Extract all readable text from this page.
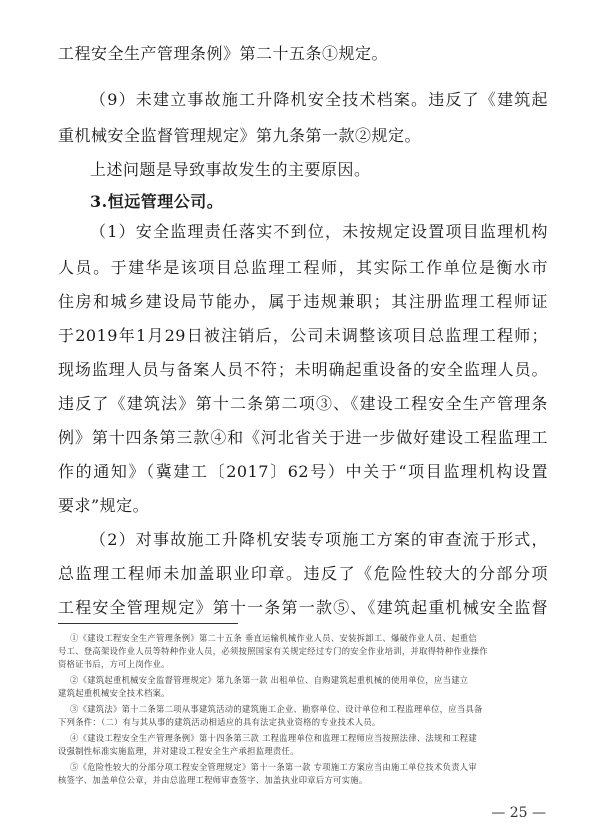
工程安全生产管理条例》第二十五条①规定。
（9）未建立事故施工升降机安全技术档案。违反了《建筑起
重机械安全监督管理规定》第九条第一款②规定。
上述问题是导致事故发生的主要原因。
3.恒远管理公司。
（1）安全监理责任落实不到位，未按规定设置项目监理机构
人员。于建华是该项目总监理工程师，其实际工作单位是衡水市
住房和城乡建设局节能办，属于违规兼职；其注册监理工程师证
于2019年1月29日被注销后，公司未调整该项目总监理工程师；
现场监理人员与备案人员不符；未明确起重设备的安全监理人员。
违反了《建筑法》第十二条第二项③、《建设工程安全生产管理条
例》第十四条第三款④和《河北省关于进一步做好建设工程监理工
作的通知》（冀建工〔2017〕62号）中关于“项目监理机构设置
要求”规定。
（2）对事故施工升降机安装专项施工方案的审查流于形式，
总监理工程师未加盖职业印章。违反了《危险性较大的分部分项
工程安全管理规定》第十一条第一款⑤、《建筑起重机械安全监督
①《建设工程安全生产管理条例》第二十五条 垂直运输机械作业人员、安装拆卸工、爆破作业人员、起重信
号工、登高架设作业人员等特种作业人员，必须按照国家有关规定经过专门的安全作业培训，并取得特种作业操作
资格证书后，方可上岗作业。
②《建筑起重机械安全监督管理规定》第九条第一款 出租单位、自购建筑起重机械的使用单位，应当建立
建筑起重机械安全技术档案。
③《建筑法》第十二条第二项从事建筑活动的建筑施工企业、勘察单位、设计单位和工程监理单位，应当具备
下列条件：（二）有与其从事的建筑活动相适应的具有法定执业资格的专业技术人员。
④《建设工程安全生产管理条例》第十四条第三款 工程监理单位和监理工程师应当按照法律、法规和工程建
设强制性标准实施监理，并对建设工程安全生产承担监理责任。
⑤《危险性较大的分部分项工程安全管理规定》第十一条第一款 专项施工方案应当由施工单位技术负责人审
核签字、加盖单位公章，并由总监理工程师审查签字、加盖执业印章后方可实施。
— 25 —
